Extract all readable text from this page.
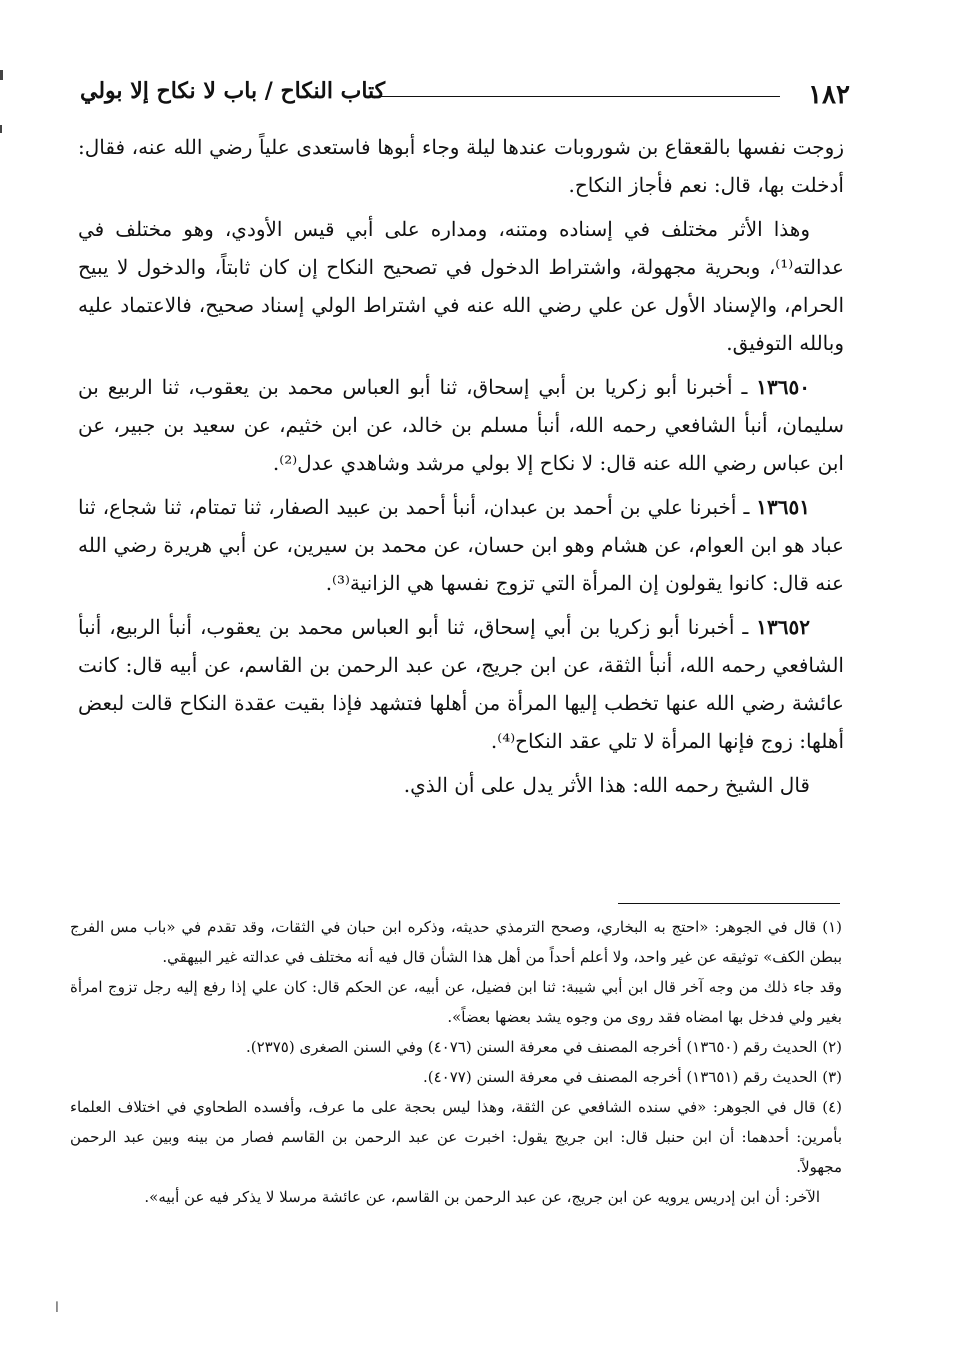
١٨٢
كتاب النكاح / باب لا نكاح إلا بولي

زوجت نفسها بالقعقاع بن شوروبات عندها ليلة وجاء أبوها فاستعدى علياً رضي الله عنه، فقال: أدخلت بها، قال: نعم فأجاز النكاح.

وهذا الأثر مختلف في إسناده ومتنه، ومداره على أبي قيس الأودي، وهو مختلف في عدالته⁽¹⁾، وبحرية مجهولة، واشتراط الدخول في تصحيح النكاح إن كان ثابتاً، والدخول لا يبيح الحرام، والإسناد الأول عن علي رضي الله عنه في اشتراط الولي إسناد صحيح، فالاعتماد عليه وبالله التوفيق.

١٣٦٥٠ ـ أخبرنا أبو زكريا بن أبي إسحاق، ثنا أبو العباس محمد بن يعقوب، ثنا الربيع بن سليمان، أنبأ الشافعي رحمه الله، أنبأ مسلم بن خالد، عن ابن خثيم، عن سعيد بن جبير، عن ابن عباس رضي الله عنه قال: لا نكاح إلا بولي مرشد وشاهدي عدل⁽²⁾.

١٣٦٥١ ـ أخبرنا علي بن أحمد بن عبدان، أنبأ أحمد بن عبيد الصفار، ثنا تمتام، ثنا شجاع، ثنا عباد هو ابن العوام، عن هشام وهو ابن حسان، عن محمد بن سيرين، عن أبي هريرة رضي الله عنه قال: كانوا يقولون إن المرأة التي تزوج نفسها هي الزانية⁽³⁾.

١٣٦٥٢ ـ أخبرنا أبو زكريا بن أبي إسحاق، ثنا أبو العباس محمد بن يعقوب، أنبأ الربيع، أنبأ الشافعي رحمه الله، أنبأ الثقة، عن ابن جريج، عن عبد الرحمن بن القاسم، عن أبيه قال: كانت عائشة رضي الله عنها تخطب إليها المرأة من أهلها فتشهد فإذا بقيت عقدة النكاح قالت لبعض أهلها: زوج فإنها المرأة لا تلي عقد النكاح⁽⁴⁾.

قال الشيخ رحمه الله: هذا الأثر يدل على أن الذي.

(١) قال في الجوهر: «احتج به البخاري، وصحح الترمذي حديثه، وذكره ابن حبان في الثقات، وقد تقدم في «باب مس الفرج ببطن الكف» توثيقه عن غير واحد، ولا أعلم أحداً من أهل هذا الشأن قال فيه أنه مختلف في عدالته غير البيهقي.

وقد جاء ذلك من وجه آخر قال ابن أبي شيبة: ثنا ابن فضيل، عن أبيه، عن الحكم قال: كان علي إذا رفع إليه رجل تزوج امرأة بغير ولي فدخل بها امضاه فقد روى من وجوه يشد بعضها بعضاً».

(٢) الحديث رقم (١٣٦٥٠) أخرجه المصنف في معرفة السنن (٤٠٧٦) وفي السنن الصغرى (٢٣٧٥).

(٣) الحديث رقم (١٣٦٥١) أخرجه المصنف في معرفة السنن (٤٠٧٧).

(٤) قال في الجوهر: «في سنده الشافعي عن الثقة، وهذا ليس بحجة على ما عرف، وأفسده الطحاوي في اختلاف العلماء بأمرين: أحدهما: أن ابن حنبل قال: ابن جريج يقول: اخبرت عن عبد الرحمن بن القاسم فصار من بينه وبين عبد الرحمن مجهولاً.

الآخر: أن ابن إدريس يرويه عن ابن جريج، عن عبد الرحمن بن القاسم، عن عائشة مرسلا لا يذكر فيه عن أبيه».

ا
